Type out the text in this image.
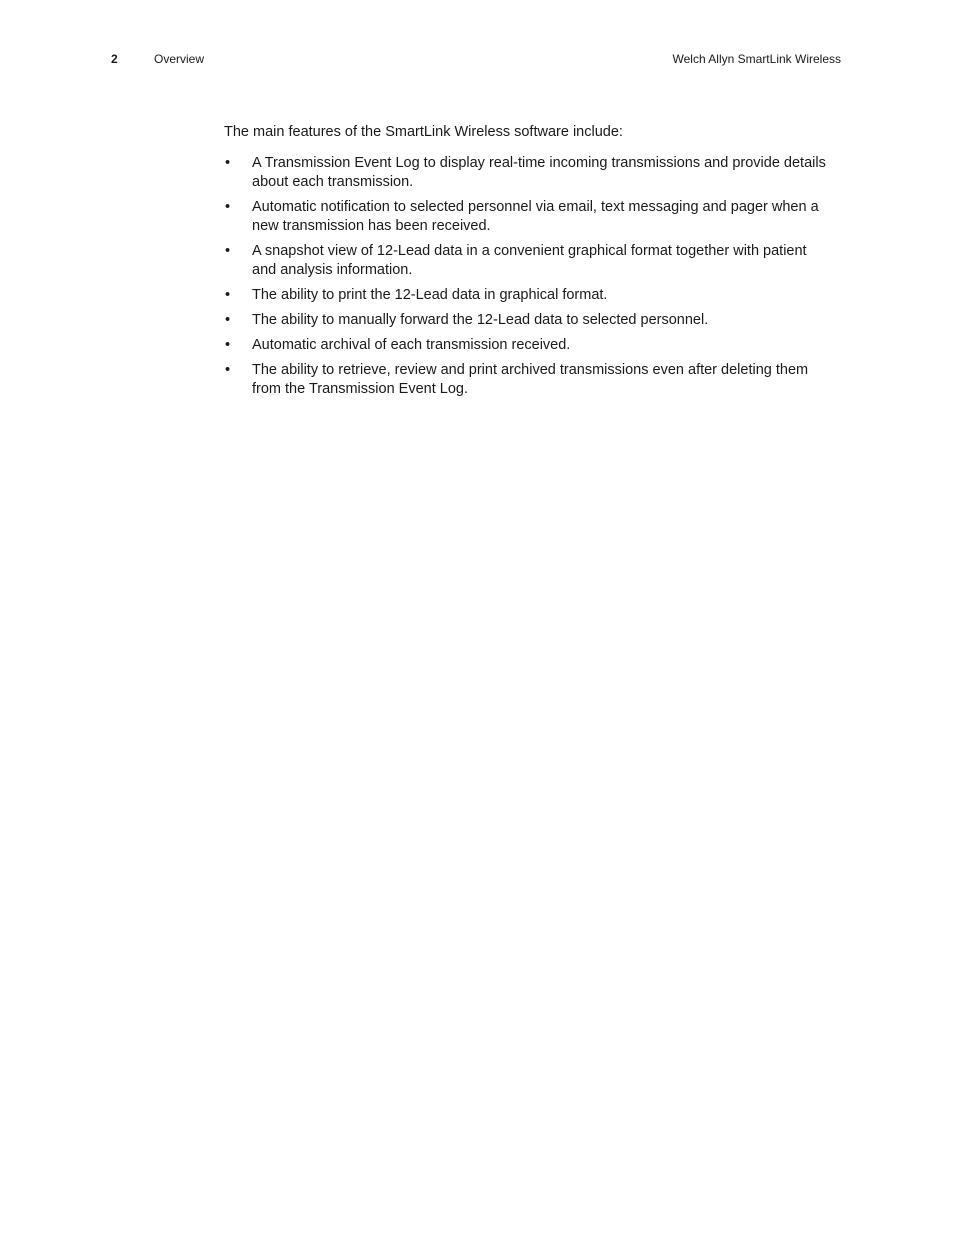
2	Overview	Welch Allyn SmartLink Wireless

The main features of the SmartLink Wireless software include:

• A Transmission Event Log to display real-time incoming transmissions and provide details about each transmission.
• Automatic notification to selected personnel via email, text messaging and pager when a new transmission has been received.
• A snapshot view of 12-Lead data in a convenient graphical format together with patient and analysis information.
• The ability to print the 12-Lead data in graphical format.
• The ability to manually forward the 12-Lead data to selected personnel.
• Automatic archival of each transmission received.
• The ability to retrieve, review and print archived transmissions even after deleting them from the Transmission Event Log.
